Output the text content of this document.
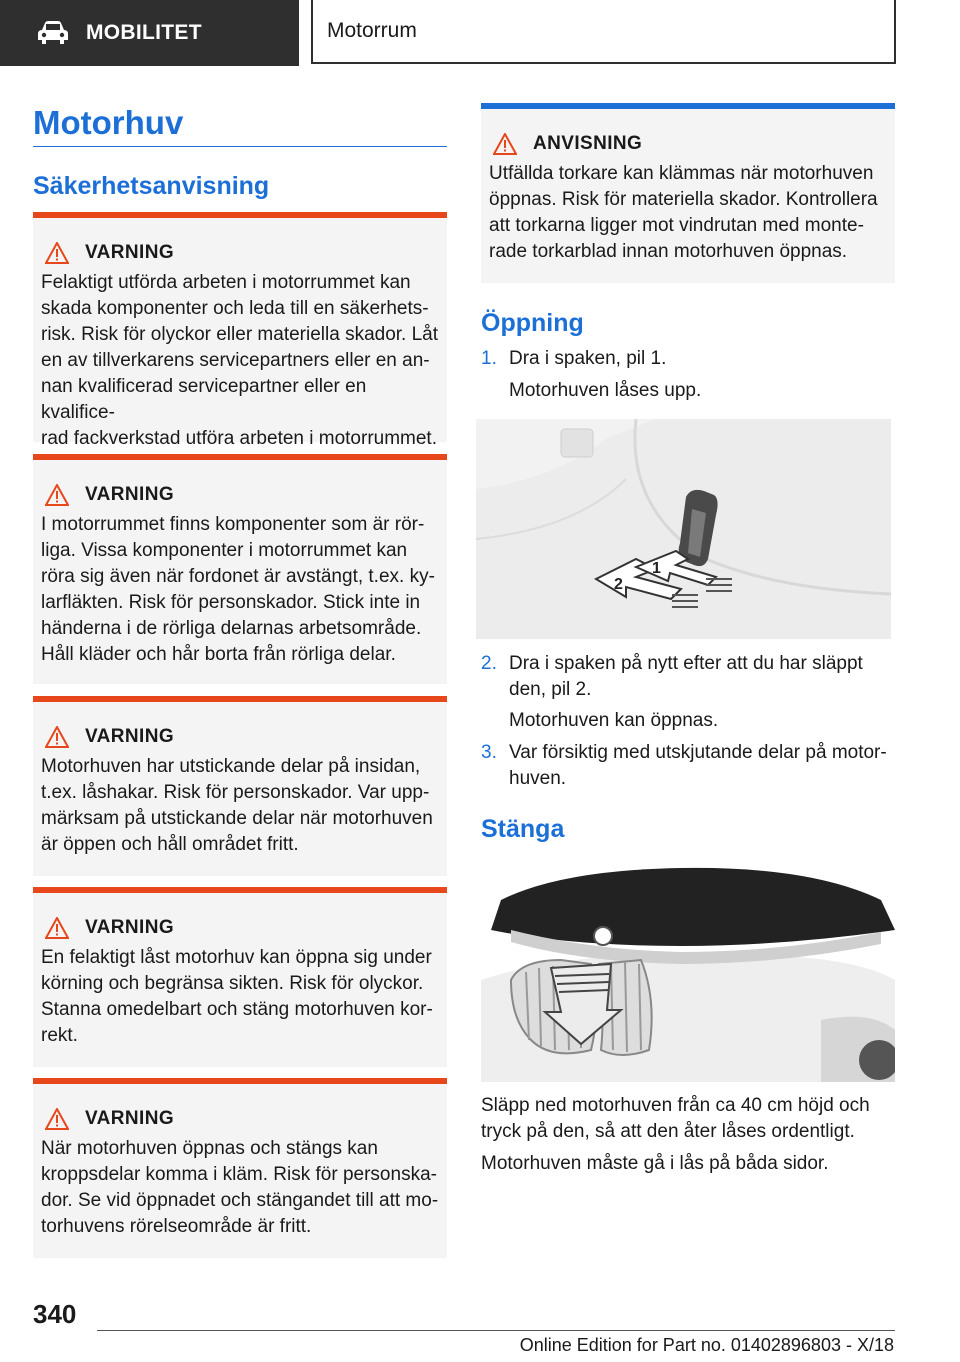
MOBILITET	Motorrum
Motorhuv
Säkerhetsanvisning
VARNING
Felaktigt utförda arbeten i motorrummet kan
skada komponenter och leda till en säkerhets-
risk. Risk för olyckor eller materiella skador. Låt
en av tillverkarens servicepartners eller en an-
nan kvalificerad servicepartner eller en kvalifice-
rad fackverkstad utföra arbeten i motorrummet.
VARNING
I motorrummet finns komponenter som är rör-
liga. Vissa komponenter i motorrummet kan
röra sig även när fordonet är avstängt, t.ex. ky-
larfläkten. Risk för personskador. Stick inte in
händerna i de rörliga delarnas arbetsområde.
Håll kläder och hår borta från rörliga delar.
VARNING
Motorhuven har utstickande delar på insidan,
t.ex. låshakar. Risk för personskador. Var upp-
märksam på utstickande delar när motorhuven
är öppen och håll området fritt.
VARNING
En felaktigt låst motorhuv kan öppna sig under
körning och begränsa sikten. Risk för olyckor.
Stanna omedelbart och stäng motorhuven kor-
rekt.
VARNING
När motorhuven öppnas och stängs kan
kroppsdelar komma i kläm. Risk för personska-
dor. Se vid öppnadet och stängandet till att mo-
torhuvens rörelseområde är fritt.
ANVISNING
Utfällda torkare kan klämmas när motorhuven
öppnas. Risk för materiella skador. Kontrollera
att torkarna ligger mot vindrutan med monte-
rade torkarblad innan motorhuven öppnas.
Öppning
1. Dra i spaken, pil 1.
Motorhuven låses upp.
2
1
2. Dra i spaken på nytt efter att du har släppt
den, pil 2.
Motorhuven kan öppnas.
3. Var försiktig med utskjutande delar på motor-
huven.
Stänga
Släpp ned motorhuven från ca 40 cm höjd och
tryck på den, så att den åter låses ordentligt.
Motorhuven måste gå i lås på båda sidor.
340
Online Edition for Part no. 01402896803 - X/18
